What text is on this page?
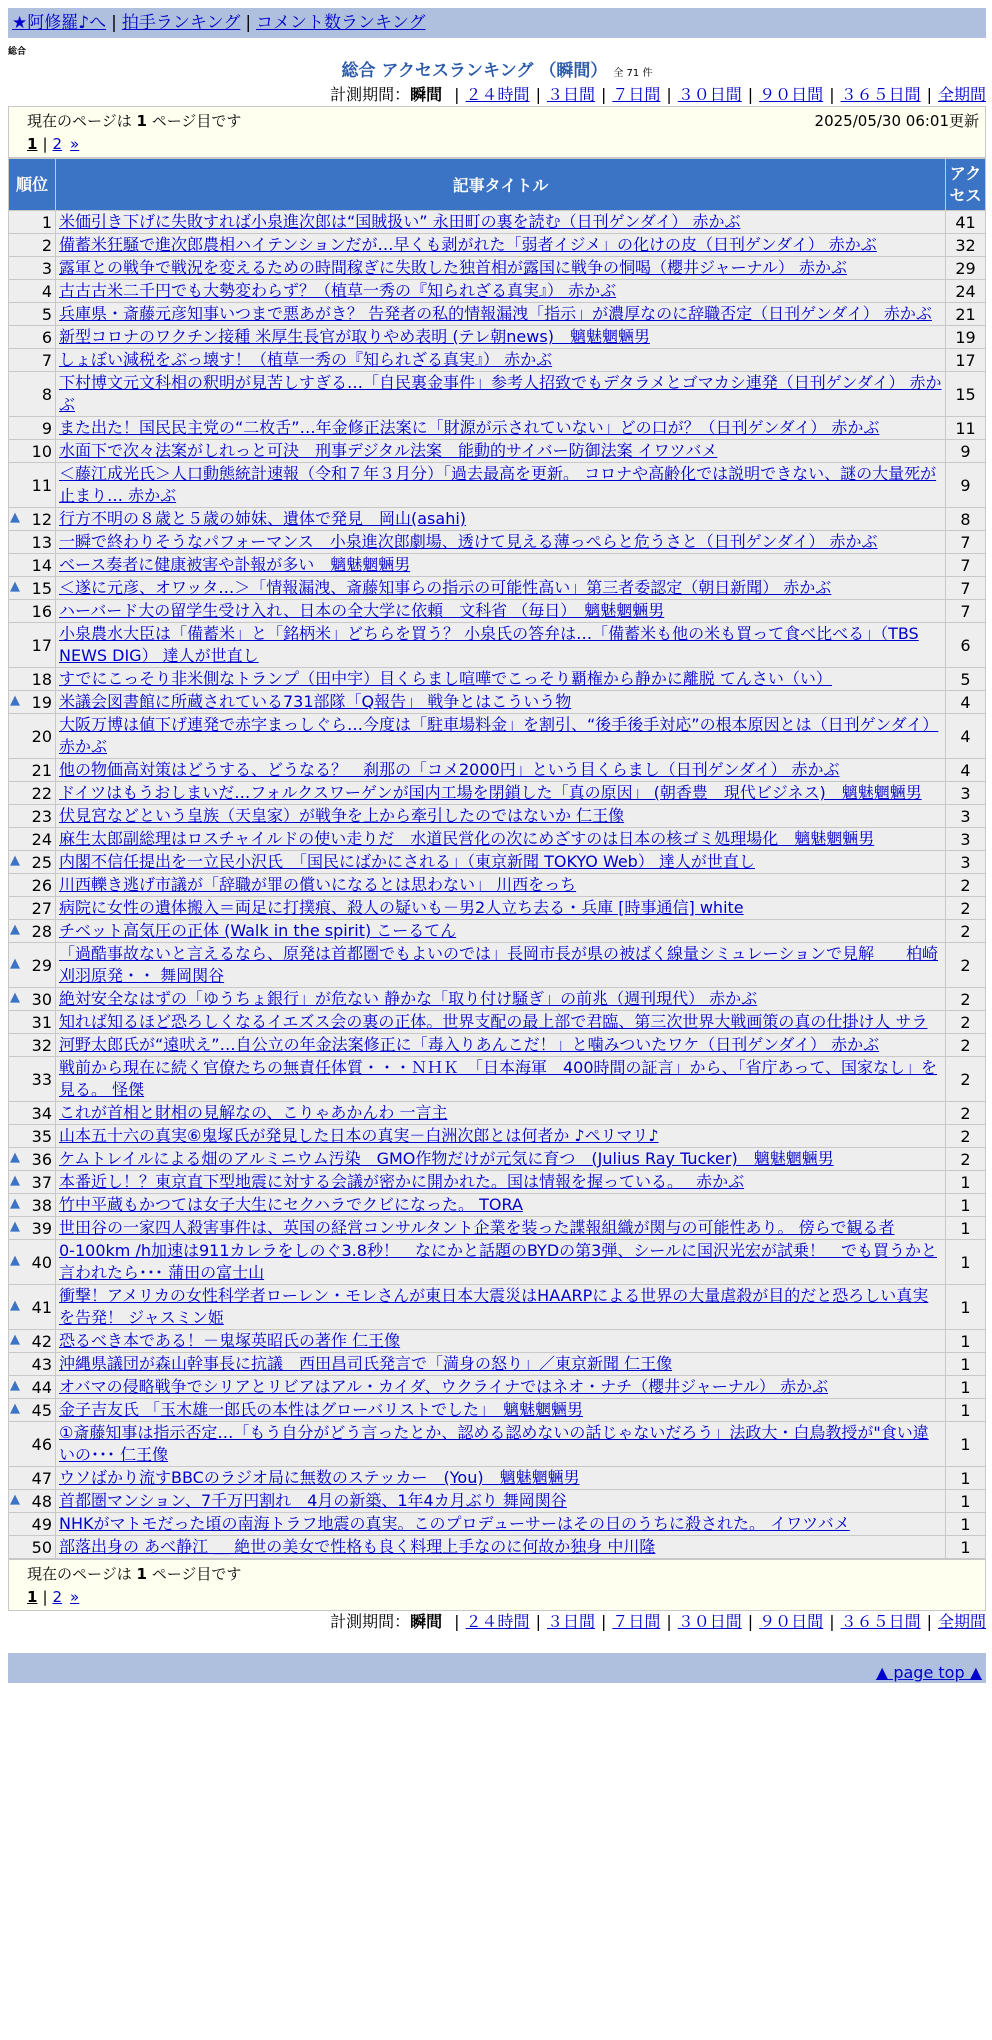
★阿修羅♪へ | 拍手ランキング | コメント数ランキング
総合
総合 アクセスランキング （瞬間） 全 71 件
計測期間：瞬間 | ２４時間 | ３日間 | ７日間 | ３０日間 | ９０日間 | ３６５日間 | 全期間
現在のページは 1 ページ目です	2025/05/30 06:01更新
1 | 2 »
順位	記事タイトル	アクセス
1	米価引き下げに失敗すれば小泉進次郎は“国賊扱い” 永田町の裏を読む（日刊ゲンダイ） 赤かぶ	41
2	備蓄米狂騒で進次郎農相ハイテンションだが…早くも剥がれた「弱者イジメ」の化けの皮（日刊ゲンダイ） 赤かぶ	32
3	露軍との戦争で戦況を変えるための時間稼ぎに失敗した独首相が露国に戦争の恫喝（櫻井ジャーナル） 赤かぶ	29
4	古古古米二千円でも大勢変わらず？（植草一秀の『知られざる真実』） 赤かぶ	24
5	兵庫県・斎藤元彦知事いつまで悪あがき？ 告発者の私的情報漏洩「指示」が濃厚なのに辞職否定（日刊ゲンダイ） 赤かぶ	21
6	新型コロナのワクチン接種 米厚生長官が取りやめ表明 (テレ朝news)　魑魅魍魎男	19
7	しょぼい減税をぶっ壊す！（植草一秀の『知られざる真実』） 赤かぶ	17
8	下村博文元文科相の釈明が見苦しすぎる…「自民裏金事件」参考人招致でもデタラメとゴマカシ連発（日刊ゲンダイ） 赤かぶ	15
9	また出た！国民民主党の“二枚舌”…年金修正法案に「財源が示されていない」どの口が？（日刊ゲンダイ） 赤かぶ	11
10	水面下で次々法案がしれっと可決　刑事デジタル法案　能動的サイバー防御法案 イワツバメ	9
11	＜藤江成光氏＞人口動態統計速報（令和７年３月分）「過去最高を更新。 コロナや高齢化では説明できない、謎の大量死が止まり… 赤かぶ	9

▲ 12	行方不明の８歳と５歳の姉妹、遺体で発見　岡山(asahi)	8
13	一瞬で終わりそうなパフォーマンス　小泉進次郎劇場、透けて見える薄っぺらと危うさと（日刊ゲンダイ） 赤かぶ	7
14	ベース奏者に健康被害や訃報が多い　魑魅魍魎男	7

▲ 15	＜遂に元彦、オワッタ…＞「情報漏洩、斎藤知事らの指示の可能性高い」第三者委認定（朝日新聞） 赤かぶ	7
16	ハーバード大の留学生受け入れ、日本の全大学に依頼　文科省 （毎日）　魑魅魍魎男	7
17	小泉農水大臣は「備蓄米」と「銘柄米」どちらを買う？ 小泉氏の答弁は…「備蓄米も他の米も買って食べ比べる」（TBS NEWS DIG） 達人が世直し	6
18	すでにこっそり非米側なトランプ（田中宇）目くらまし喧嘩でこっそり覇権から静かに離脱 てんさい（い）	5

▲ 19	米議会図書館に所蔵されている731部隊「Q報告」 戦争とはこういう物	4
20	大阪万博は値下げ連発で赤字まっしぐら…今度は「駐車場料金」を割引、“後手後手対応”の根本原因とは（日刊ゲンダイ） 赤かぶ	4
21	他の物価高対策はどうする、どうなる？　刹那の「コメ2000円」という目くらまし（日刊ゲンダイ） 赤かぶ	4
22	ドイツはもうおしまいだ…フォルクスワーゲンが国内工場を閉鎖した「真の原因」 (朝香豊　現代ビジネス)　魑魅魍魎男	3
23	伏見宮などという皇族（天皇家）が戦争を上から牽引したのではないか 仁王像	3
24	麻生太郎副総理はロスチャイルドの使い走りだ　水道民営化の次にめざすのは日本の核ゴミ処理場化　魑魅魍魎男	3

▲ 25	内閣不信任提出を一立民小沢氏　「国民にばかにされる」（東京新聞 TOKYO Web） 達人が世直し	3
26	川西轢き逃げ市議が「辞職が罪の償いになるとは思わない」 川西をっち	2
27	病院に女性の遺体搬入＝両足に打撲痕、殺人の疑いも－男2人立ち去る・兵庫 [時事通信] white	2

▲ 28	チベット高気圧の正体 (Walk in the spirit) こーるてん	2

▲ 29	「過酷事故ないと言えるなら、原発は首都圏でもよいのでは」長岡市長が県の被ばく線量シミュレーションで見解　　柏崎刈羽原発・・ 舞岡関谷	2

▲ 30	絶対安全なはずの「ゆうちょ銀行」が危ない 静かな「取り付け騒ぎ」の前兆（週刊現代） 赤かぶ	2
31	知れば知るほど恐ろしくなるイエズス会の裏の正体。世界支配の最上部で君臨、第三次世界大戦画策の真の仕掛け人 サラ	2
32	河野太郎氏が“遠吠え”…自公立の年金法案修正に「毒入りあんこだ！」と噛みついたワケ（日刊ゲンダイ） 赤かぶ	2
33	戦前から現在に続く官僚たちの無責任体質・・・ＮＨＫ　「日本海軍　400時間の証言」から、「省庁あって、国家なし」を見る。 怪傑	2
34	これが首相と財相の見解なの、こりゃあかんわ 一言主	2
35	山本五十六の真実⑥鬼塚氏が発見した日本の真実－白洲次郎とは何者か ♪ペリマリ♪	2

▲ 36	ケムトレイルによる畑のアルミニウム汚染　GMO作物だけが元気に育つ　(Julius Ray Tucker)　魑魅魍魎男	2

▲ 37	本番近し！？東京直下型地震に対する会議が密かに開かれた。国は情報を握っている。　 赤かぶ	1

▲ 38	竹中平蔵もかつては女子大生にセクハラでクビになった。 TORA	1

▲ 39	世田谷の一家四人殺害事件は、英国の経営コンサルタント企業を装った諜報組織が関与の可能性あり。 傍らで観る者	1

▲ 40	0-100km /h加速は911カレラをしのぐ3.8秒！　なにかと話題のBYDの第3弾、シールに国沢光宏が試乗！　でも買うかと言われたら･･･ 蒲田の富士山	1

▲ 41	衝撃！アメリカの女性科学者ローレン・モレさんが東日本大震災はHAARPによる世界の大量虐殺が目的だと恐ろしい真実を告発！ ジャスミン姫	1

▲ 42	恐るべき本である！－鬼塚英昭氏の著作 仁王像	1
43	沖縄県議団が森山幹事長に抗議　西田昌司氏発言で「満身の怒り」／東京新聞 仁王像	1

▲ 44	オバマの侵略戦争でシリアとリビアはアル・カイダ、ウクライナではネオ・ナチ（櫻井ジャーナル） 赤かぶ	1

▲ 45	金子吉友氏 「玉木雄一郎氏の本性はグローバリストでした」　魑魅魍魎男	1
46	①斎藤知事は指示否定…「もう自分がどう言ったとか、認める認めないの話じゃないだろう」法政大・白鳥教授が"食い違いの･･･ 仁王像	1
47	ウソばかり流すBBCのラジオ局に無数のステッカー　(You)　魑魅魍魎男	1

▲ 48	首都圏マンション、7千万円割れ　4月の新築、1年4カ月ぶり 舞岡関谷	1
49	NHKがマトモだった頃の南海トラフ地震の真実。このプロデューサーはその日のうちに殺された。 イワツバメ	1
50	部落出身の あべ静江 ＿ 絶世の美女で性格も良く料理上手なのに何故か独身 中川隆	1
現在のページは 1 ページ目です
1 | 2 »
計測期間：瞬間 | ２４時間 | ３日間 | ７日間 | ３０日間 | ９０日間 | ３６５日間 | 全期間
▲ page top ▲
